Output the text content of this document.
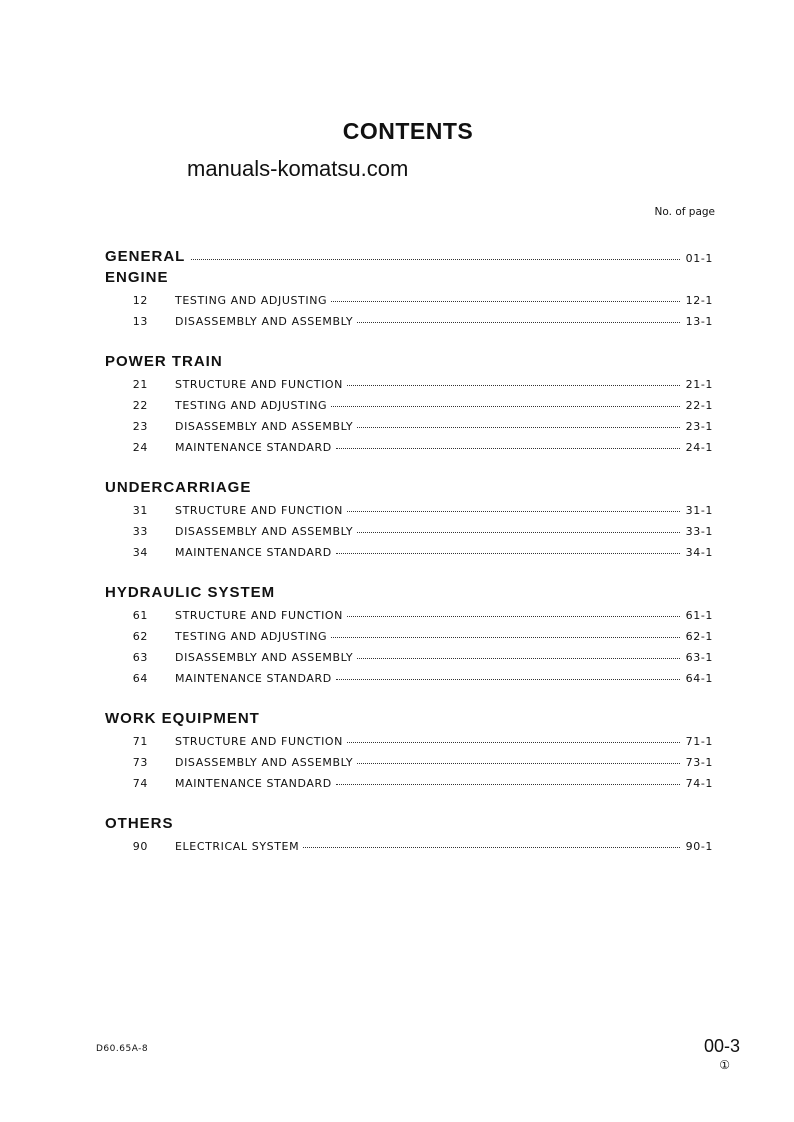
CONTENTS
manuals-komatsu.com
No. of page
GENERAL	01-1
ENGINE
12 TESTING AND ADJUSTING	12-1
13 DISASSEMBLY AND ASSEMBLY	13-1
POWER TRAIN
21 STRUCTURE AND FUNCTION	21-1
22 TESTING AND ADJUSTING	22-1
23 DISASSEMBLY AND ASSEMBLY	23-1
24 MAINTENANCE STANDARD	24-1
UNDERCARRIAGE
31 STRUCTURE AND FUNCTION	31-1
33 DISASSEMBLY AND ASSEMBLY	33-1
34 MAINTENANCE STANDARD	34-1
HYDRAULIC SYSTEM
61 STRUCTURE AND FUNCTION	61-1
62 TESTING AND ADJUSTING	62-1
63 DISASSEMBLY AND ASSEMBLY	63-1
64 MAINTENANCE STANDARD	64-1
WORK EQUIPMENT
71 STRUCTURE AND FUNCTION	71-1
73 DISASSEMBLY AND ASSEMBLY	73-1
74 MAINTENANCE STANDARD	74-1
OTHERS
90 ELECTRICAL SYSTEM	90-1
D60.65A-8	00-3
①
